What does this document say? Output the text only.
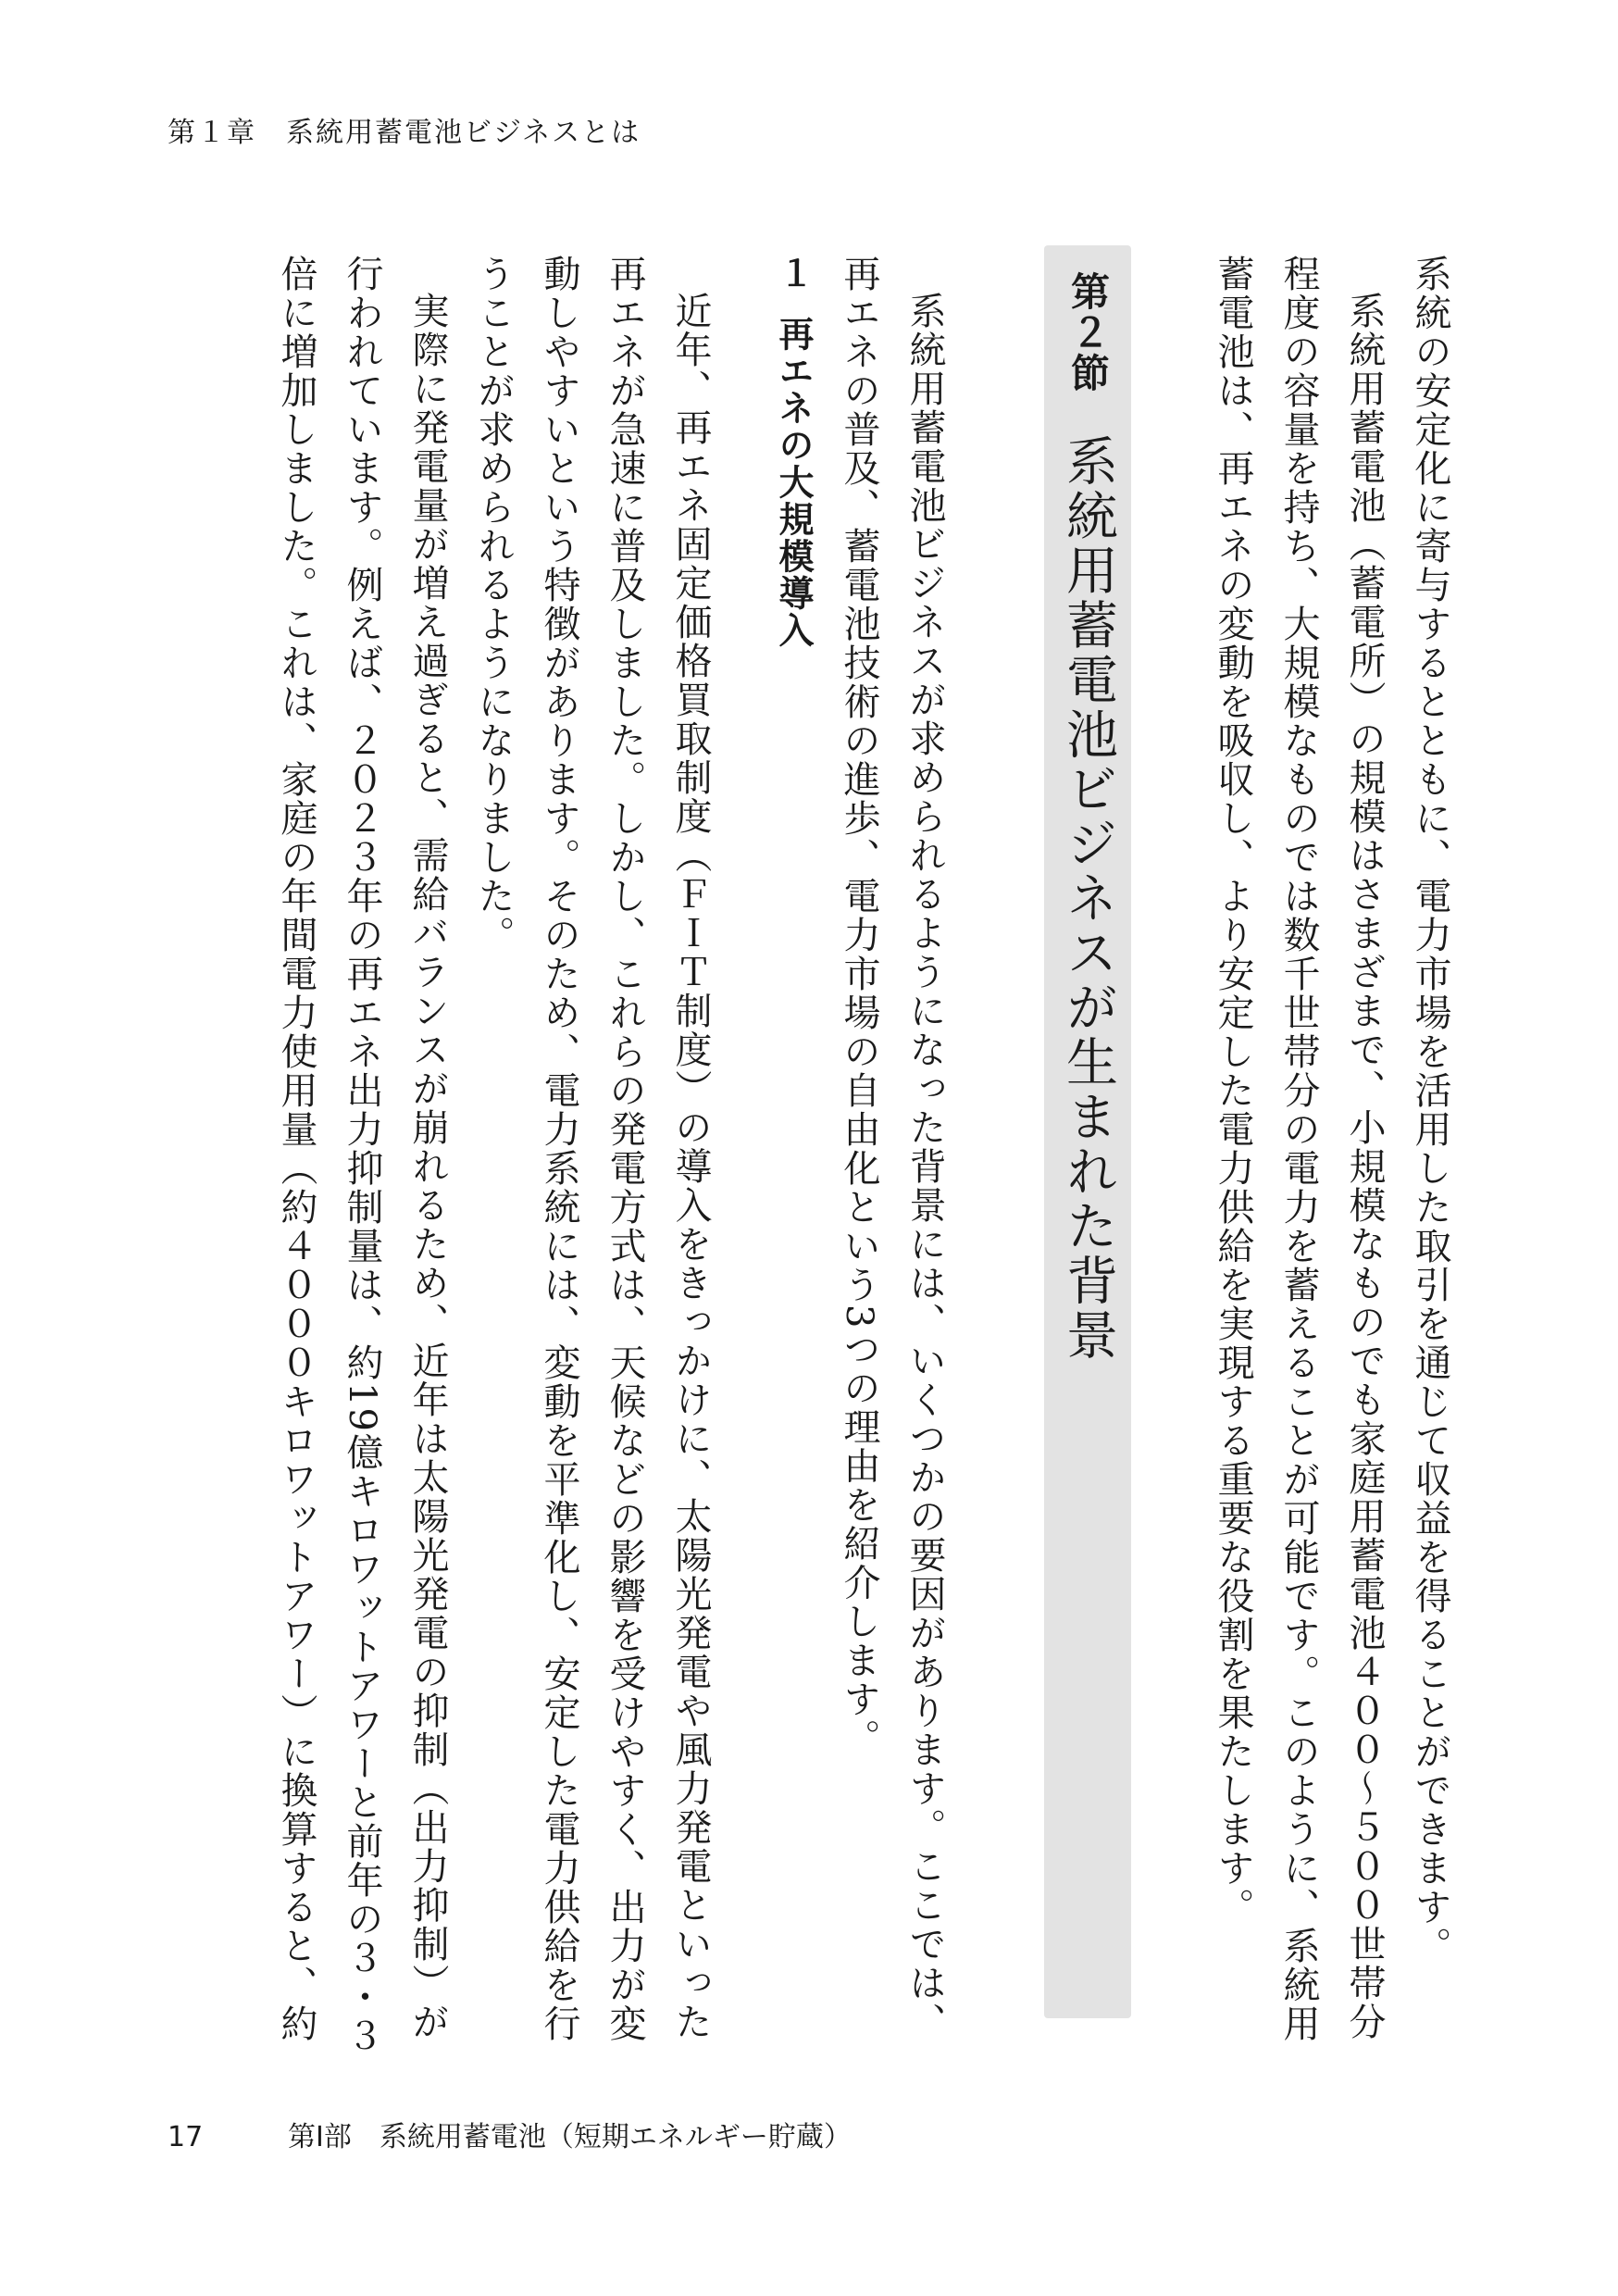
第１章　系統用蓄電池ビジネスとは
系統の安定化に寄与するとともに、電力市場を活用した取引を通じて収益を得ることができます。
系統用蓄電池（蓄電所）の規模はさまざまで、小規模なものでも家庭用蓄電池４００〜５００世帯分
程度の容量を持ち、大規模なものでは数千世帯分の電力を蓄えることが可能です。このように、系統用
蓄電池は、再エネの変動を吸収し、より安定した電力供給を実現する重要な役割を果たします。
第２節系統用蓄電池ビジネスが生まれた背景
系統用蓄電池ビジネスが求められるようになった背景には、いくつかの要因があります。ここでは、
再エネの普及、蓄電池技術の進歩、電力市場の自由化という3つの理由を紹介します。
１再エネの大規模導入
近年、再エネ固定価格買取制度（ＦＩＴ制度）の導入をきっかけに、太陽光発電や風力発電といった
再エネが急速に普及しました。しかし、これらの発電方式は、天候などの影響を受けやすく、出力が変
動しやすいという特徴があります。そのため、電力系統には、変動を平準化し、安定した電力供給を行
うことが求められるようになりました。
実際に発電量が増え過ぎると、需給バランスが崩れるため、近年は太陽光発電の抑制（出力抑制）が
行われています。例えば、２０２３年の再エネ出力抑制量は、約19億キロワットアワーと前年の３・３
倍に増加しました。これは、家庭の年間電力使用量（約４０００キロワットアワー）に換算すると、約
17	第Ⅰ部　系統用蓄電池（短期エネルギー貯蔵）
